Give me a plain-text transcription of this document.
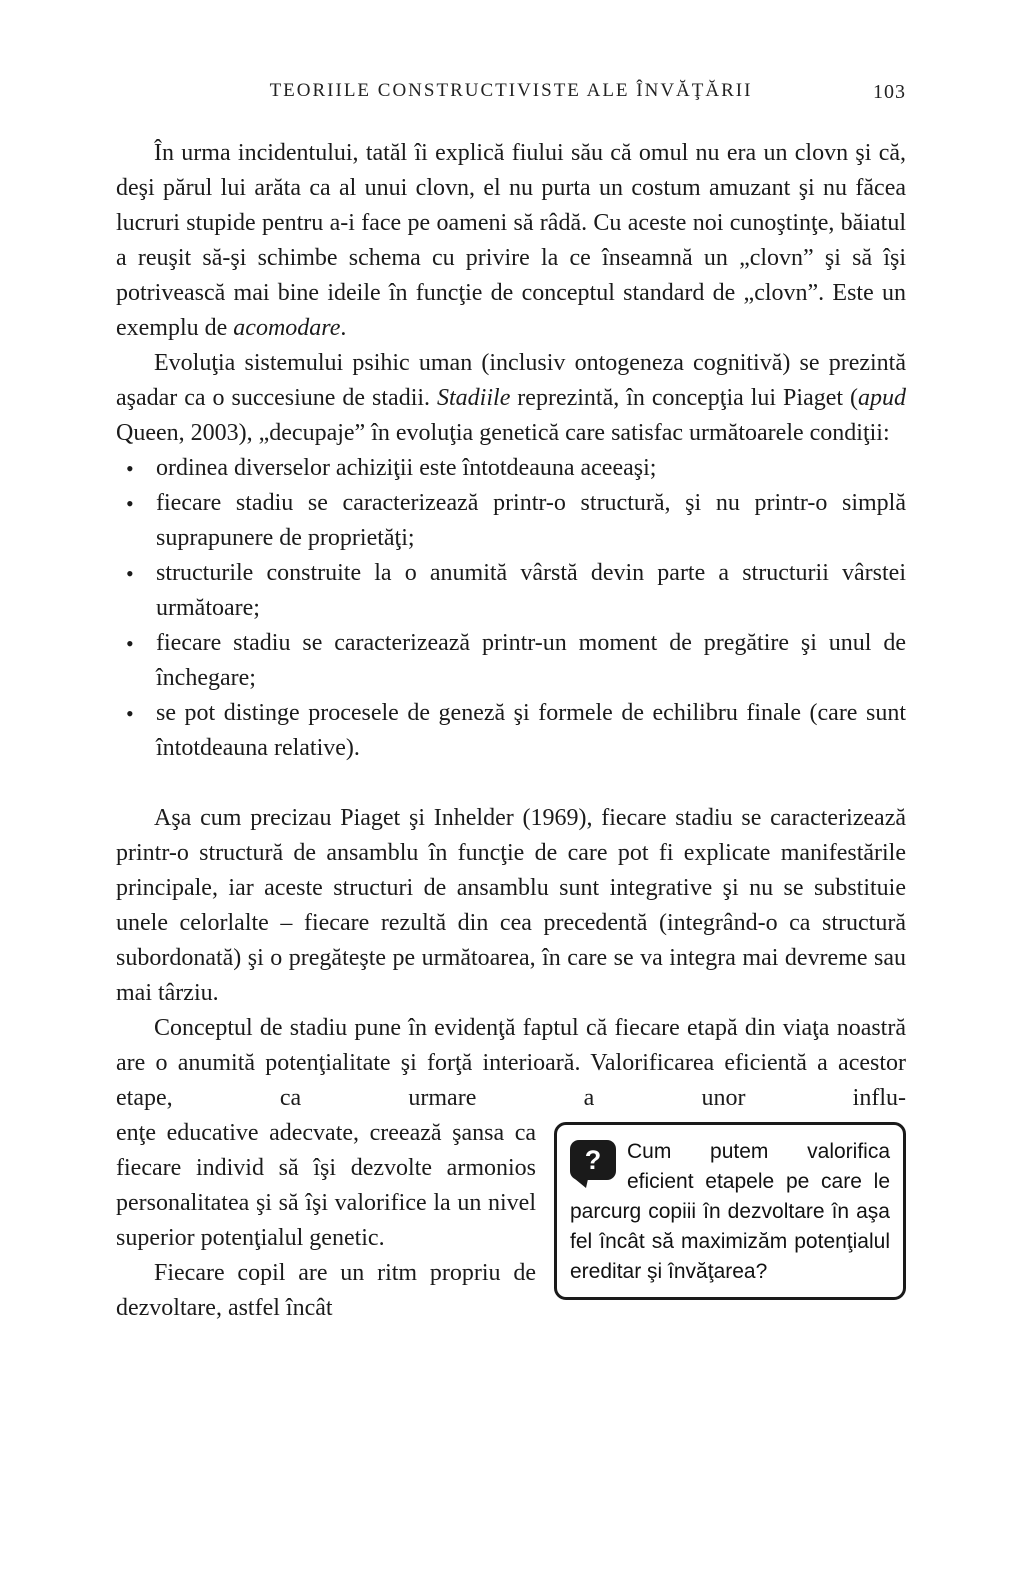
TEORIILE CONSTRUCTIVISTE ALE ÎNVĂŢĂRII	103

În urma incidentului, tatăl îi explică fiului său că omul nu era un clovn şi că, deşi părul lui arăta ca al unui clovn, el nu purta un costum amuzant şi nu făcea lucruri stupide pentru a-i face pe oameni să râdă. Cu aceste noi cunoştinţe, băiatul a reuşit să-şi schimbe schema cu privire la ce înseamnă un „clovn” şi să îşi potrivească mai bine ideile în funcţie de conceptul standard de „clovn”. Este un exemplu de acomodare.

Evoluţia sistemului psihic uman (inclusiv ontogeneza cognitivă) se prezintă aşadar ca o succesiune de stadii. Stadiile reprezintă, în concepţia lui Piaget (apud Queen, 2003), „decupaje” în evoluţia genetică care satisfac următoarele condiţii:

• ordinea diverselor achiziţii este întotdeauna aceeaşi;
• fiecare stadiu se caracterizează printr-o structură, şi nu printr-o simplă suprapunere de proprietăţi;
• structurile construite la o anumită vârstă devin parte a structurii vârstei următoare;
• fiecare stadiu se caracterizează printr-un moment de pregătire şi unul de închegare;
• se pot distinge procesele de geneză şi formele de echilibru finale (care sunt întotdeauna relative).

Aşa cum precizau Piaget şi Inhelder (1969), fiecare stadiu se caracterizează printr-o structură de ansamblu în funcţie de care pot fi explicate manifestările principale, iar aceste structuri de ansamblu sunt integrative şi nu se substituie unele celorlalte – fiecare rezultă din cea precedentă (integrând-o ca structură subordonată) şi o pregăteşte pe următoarea, în care se va integra mai devreme sau mai târziu.

Conceptul de stadiu pune în evidenţă faptul că fiecare etapă din viaţa noastră are o anumită potenţialitate şi forţă interioară. Valorificarea eficientă a acestor etape, ca urmare a unor influ-

?	Cum putem valorifica eficient etapele pe care le parcurg copiii în dezvoltare în aşa fel încât să maximizăm potenţialul ereditar şi învăţarea?

enţe educative adecvate, creează şansa ca fiecare individ să îşi dezvolte armonios personalitatea şi să îşi valorifice la un nivel superior potenţialul genetic.

Fiecare copil are un ritm propriu de dezvoltare, astfel încât
